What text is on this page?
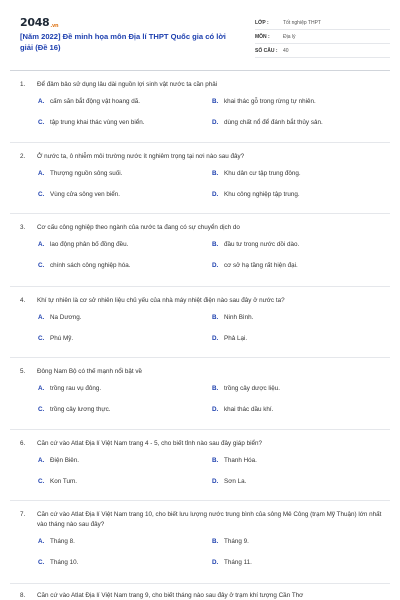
2048.vn
[Năm 2022] Đề minh họa môn Địa lí THPT Quốc gia có lời giải (Đề 16)
LỚP :	Tốt nghiệp THPT
MÔN :	Địa lý
SỐ CÂU :	40
1.	Để đảm bảo sử dụng lâu dài nguồn lợi sinh vật nước ta cần phải
A. cấm săn bắt động vật hoang dã.	B. khai thác gỗ trong rừng tự nhiên.
C. tập trung khai thác vùng ven biển.	D. dùng chất nổ để đánh bắt thủy sản.
2.	Ở nước ta, ô nhiễm môi trường nước ít nghiêm trọng tại nơi nào sau đây?
A. Thượng nguồn sông suối.	B. Khu dân cư tập trung đông.
C. Vùng cửa sông ven biển.	D. Khu công nghiệp tập trung.
3.	Cơ cấu công nghiệp theo ngành của nước ta đang có sự chuyển dịch do
A. lao động phân bố đồng đều.	B. đầu tư trong nước dồi dào.
C. chính sách công nghiệp hóa.	D. cơ sở hạ tầng rất hiện đại.
4.	Khí tự nhiên là cơ sở nhiên liệu chủ yếu của nhà máy nhiệt điện nào sau đây ở nước ta?
A. Na Dương.	B. Ninh Bình.
C. Phú Mỹ.	D. Phả Lại.
5.	Đông Nam Bộ có thế mạnh nổi bật về
A. trồng rau vụ đông.	B. trồng cây dược liệu.
C. trồng cây lương thực.	D. khai thác dầu khí.
6.	Căn cứ vào Atlat Địa lí Việt Nam trang 4 - 5, cho biết tỉnh nào sau đây giáp biển?
A. Điện Biên.	B. Thanh Hóa.
C. Kon Tum.	D. Sơn La.
7.	Căn cứ vào Atlat Địa lí Việt Nam trang 10, cho biết lưu lượng nước trung bình của sông Mê Công (trạm Mỹ Thuận) lớn nhất vào tháng nào sau đây?
A. Tháng 8.	B. Tháng 9.
C. Tháng 10.	D. Tháng 11.
8.	Căn cứ vào Atlat Địa lí Việt Nam trang 9, cho biết tháng nào sau đây ở trạm khí tượng Cần Thơ
